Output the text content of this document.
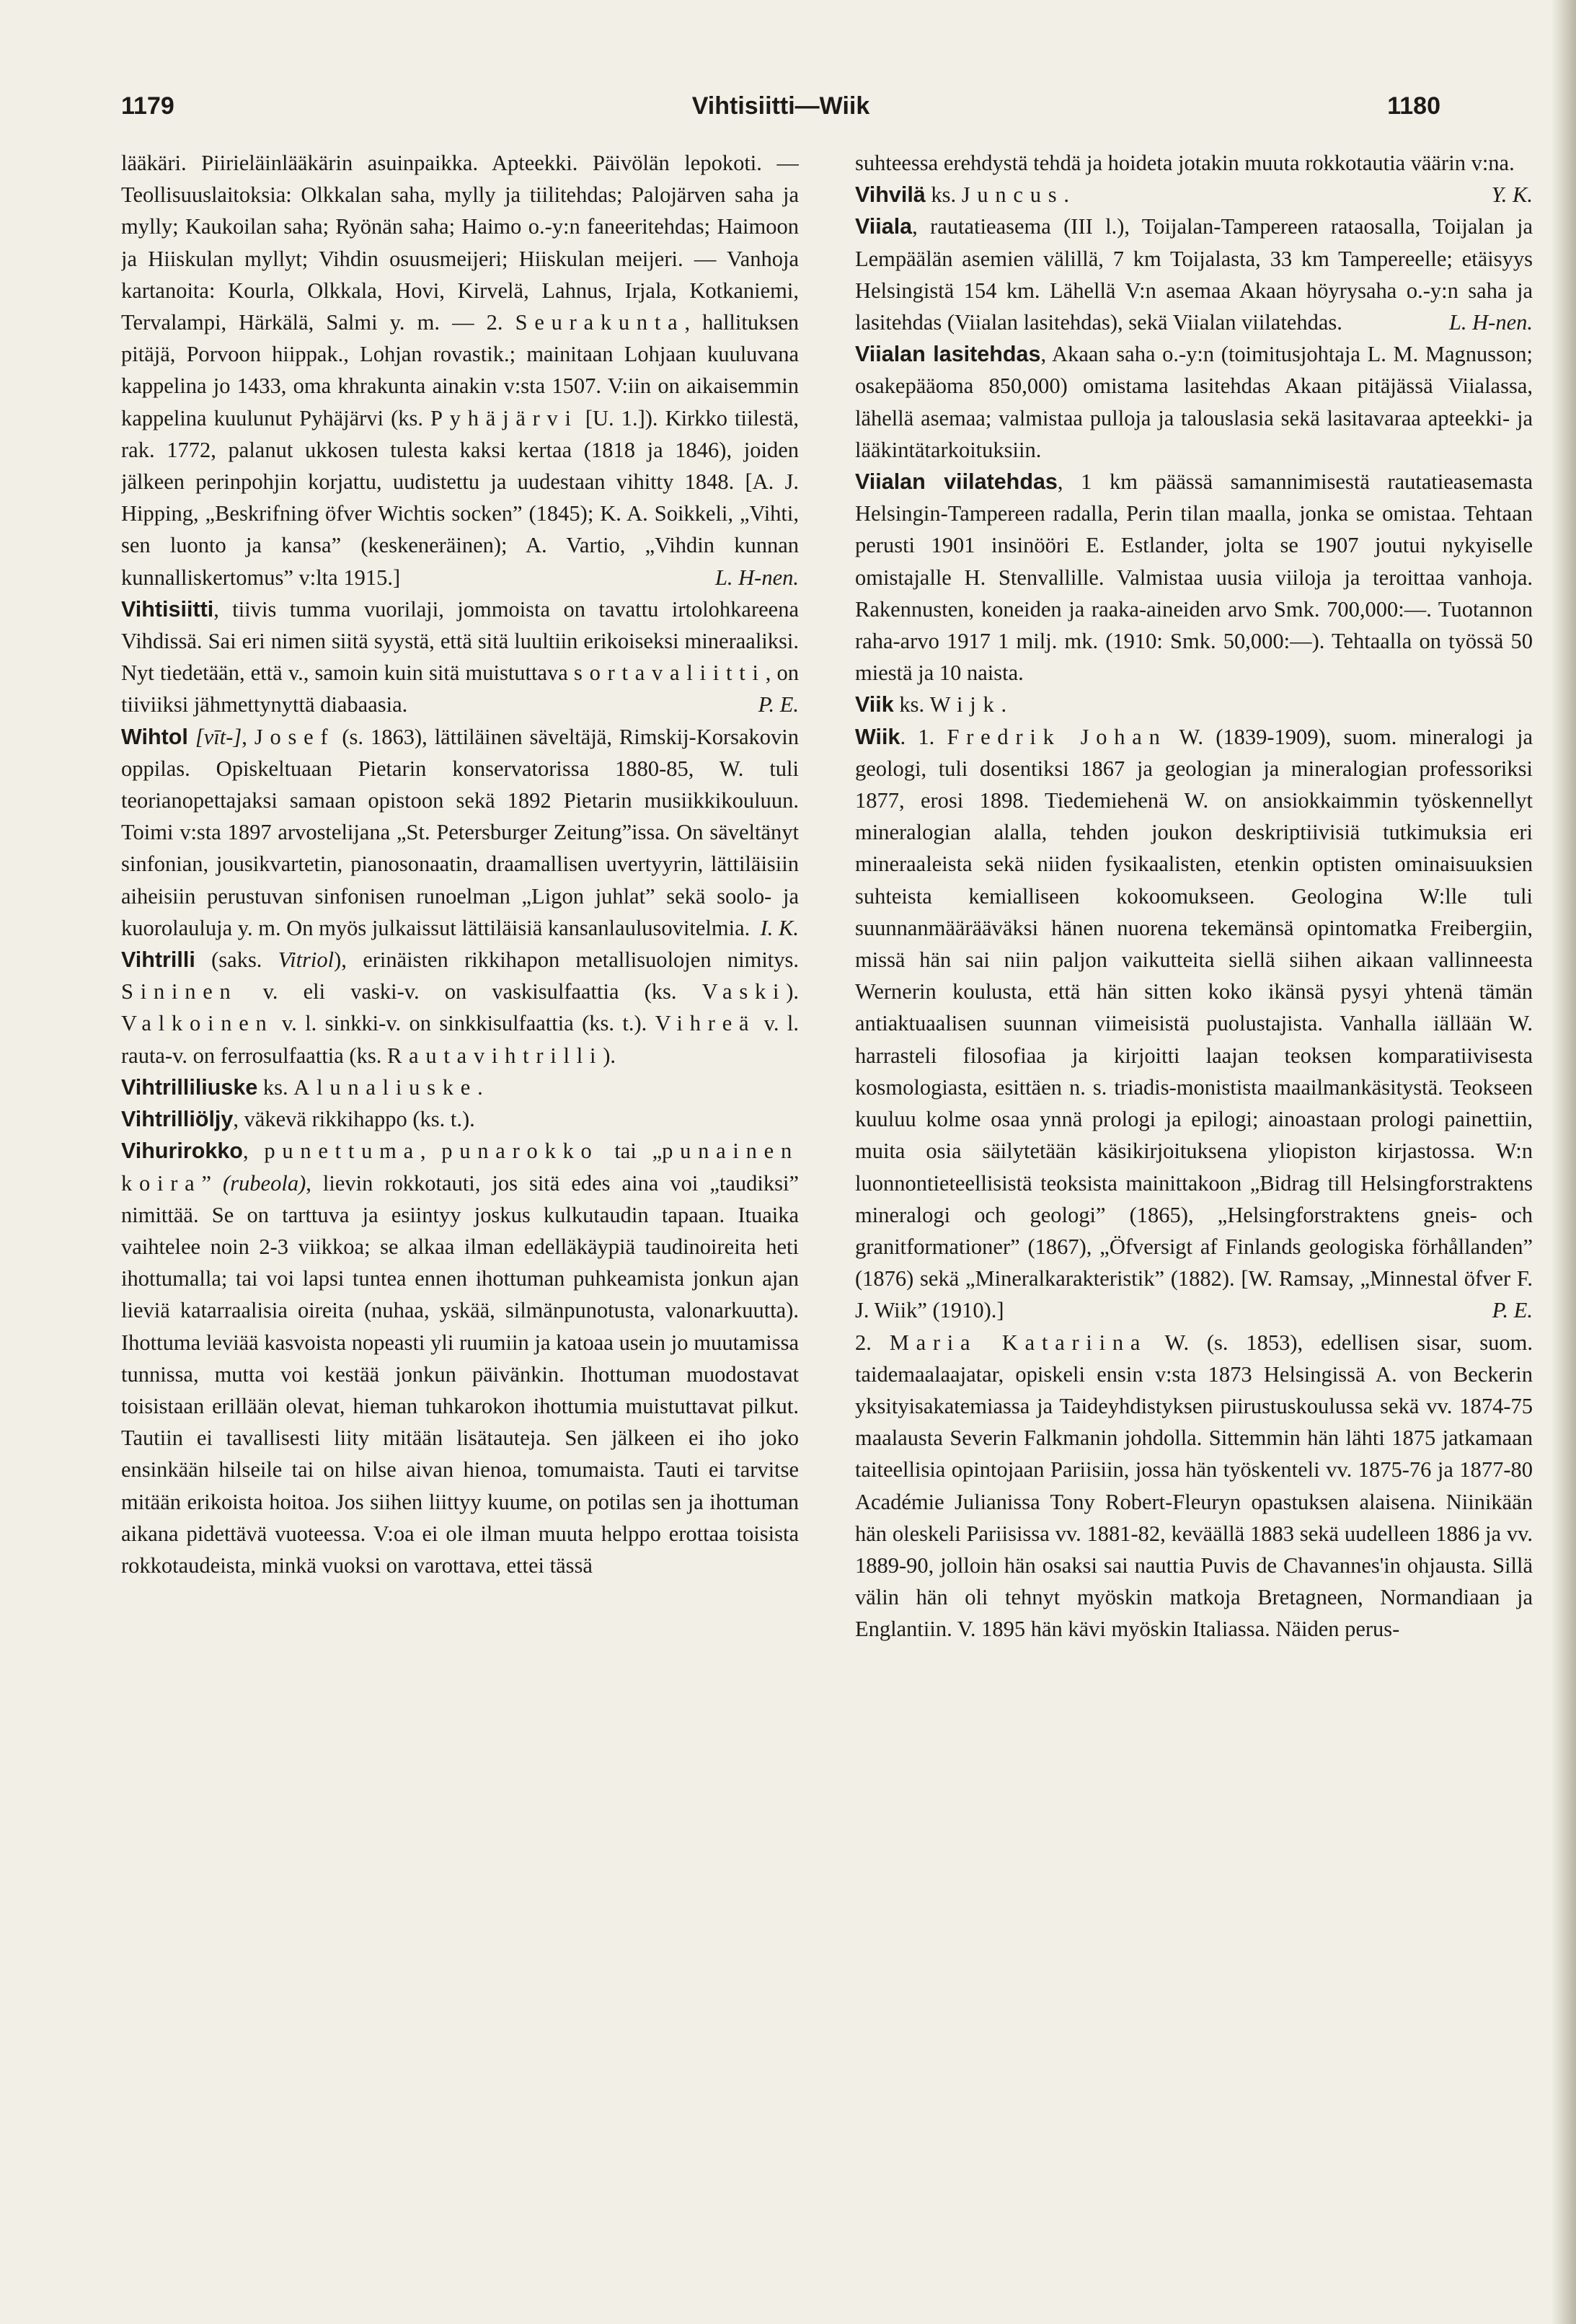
1179	Vihtisiitti—Wiik	1180

lääkäri. Piirieläinlääkärin asuinpaikka. Apteekki. Päivölän lepokoti. — Teollisuuslaitoksia: Olkkalan saha, mylly ja tiilitehdas; Palojärven saha ja mylly; Kaukoilan saha; Ryönän saha; Haimo o.-y:n faneeritehdas; Haimoon ja Hiiskulan myllyt; Vihdin osuusmeijeri; Hiiskulan meijeri. — Vanhoja kartanoita: Kourla, Olkkala, Hovi, Kirvelä, Lahnus, Irjala, Kotkaniemi, Tervalampi, Härkälä, Salmi y. m. — 2. Seurakunta, hallituksen pitäjä, Porvoon hiippak., Lohjan rovastik.; mainitaan Lohjaan kuuluvana kappelina jo 1433, oma khrakunta ainakin v:sta 1507. V:iin on aikaisemmin kappelina kuulunut Pyhäjärvi (ks. Pyhäjärvi [U. 1.]). Kirkko tiilestä, rak. 1772, palanut ukkosen tulesta kaksi kertaa (1818 ja 1846), joiden jälkeen perinpohjin korjattu, uudistettu ja uudestaan vihitty 1848. [A. J. Hipping, „Beskrifning öfver Wichtis socken” (1845); K. A. Soikkeli, „Vihti, sen luonto ja kansa” (keskeneräinen); A. Vartio, „Vihdin kunnan kunnalliskertomus” v:lta 1915.]	L. H-nen.

Vihtisiitti, tiivis tumma vuorilaji, jommoista on tavattu irtolohkareena Vihdissä. Sai eri nimen siitä syystä, että sitä luultiin erikoiseksi mineraaliksi. Nyt tiedetään, että v., samoin kuin sitä muistuttava sortavaliitti, on tiiviiksi jähmettynyttä diabaasia.	P. E.

Wihtol [vīt-], Josef (s. 1863), lättiläinen säveltäjä, Rimskij-Korsakovin oppilas. Opiskeltuaan Pietarin konservatorissa 1880-85, W. tuli teorianopettajaksi samaan opistoon sekä 1892 Pietarin musiikkikouluun. Toimi v:sta 1897 arvostelijana „St. Petersburger Zeitung”issa. On säveltänyt sinfonian, jousikvartetin, pianosonaatin, draamallisen uvertyyrin, lättiläisiin aiheisiin perustuvan sinfonisen runoelman „Ligon juhlat” sekä soolo- ja kuorolauluja y. m. On myös julkaissut lättiläisiä kansanlaulusovitelmia. I. K.

Vihtrilli (saks. Vitriol), erinäisten rikkihapon metallisuolojen nimitys. Sininen v. eli vaski-v. on vaskisulfaattia (ks. Vaski). Valkoinen v. l. sinkki-v. on sinkkisulfaattia (ks. t.). Vihreä v. l. rauta-v. on ferrosulfaattia (ks. Rautavihtrilli).

Vihtrilliliuske ks. Alunaliuske.

Vihtrilliöljy, väkevä rikkihappo (ks. t.).

Vihurirokko, punettuma, punarokko tai „punainen koira” (rubeola), lievin rokkotauti, jos sitä edes aina voi „taudiksi” nimittää. Se on tarttuva ja esiintyy joskus kulkutaudin tapaan. Ituaika vaihtelee noin 2-3 viikkoa; se alkaa ilman edelläkäypiä taudinoireita heti ihottumalla; tai voi lapsi tuntea ennen ihottuman puhkeamista jonkun ajan lieviä katarraalisia oireita (nuhaa, yskää, silmänpunotusta, valonarkuutta). Ihottuma leviää kasvoista nopeasti yli ruumiin ja katoaa usein jo muutamissa tunnissa, mutta voi kestää jonkun päivänkin. Ihottuman muodostavat toisistaan erillään olevat, hieman tuhkarokon ihottumia muistuttavat pilkut. Tautiin ei tavallisesti liity mitään lisätauteja. Sen jälkeen ei iho joko ensinkään hilseile tai on hilse aivan hienoa, tomumaista. Tauti ei tarvitse mitään erikoista hoitoa. Jos siihen liittyy kuume, on potilas sen ja ihottuman aikana pidettävä vuoteessa. V:oa ei ole ilman muuta helppo erottaa toisista rokkotaudeista, minkä vuoksi on varottava, ettei tässä

suhteessa erehdystä tehdä ja hoideta jotakin muuta rokkotautia väärin v:na.
Y. K.

Vihvilä ks. Juncus.

Viiala, rautatieasema (III l.), Toijalan-Tampereen rataosalla, Toijalan ja Lempäälän asemien välillä, 7 km Toijalasta, 33 km Tampereelle; etäisyys Helsingistä 154 km. Lähellä V:n asemaa Akaan höyrysaha o.-y:n saha ja lasitehdas (Viialan lasitehdas), sekä Viialan viilatehdas.	L. H-nen.

Viialan lasitehdas, Akaan saha o.-y:n (toimitusjohtaja L. M. Magnusson; osakepääoma 850,000) omistama lasitehdas Akaan pitäjässä Viialassa, lähellä asemaa; valmistaa pulloja ja talouslasia sekä lasitavaraa apteekki- ja lääkintätarkoituksiin.

Viialan viilatehdas, 1 km päässä samannimisestä rautatieasemasta Helsingin-Tampereen radalla, Perin tilan maalla, jonka se omistaa. Tehtaan perusti 1901 insinööri E. Estlander, jolta se 1907 joutui nykyiselle omistajalle H. Stenvallille. Valmistaa uusia viiloja ja teroittaa vanhoja. Rakennusten, koneiden ja raaka-aineiden arvo Smk. 700,000:—. Tuotannon raha-arvo 1917 1 milj. mk. (1910: Smk. 50,000:—). Tehtaalla on työssä 50 miestä ja 10 naista.

Viik ks. Wijk.

Wiik. 1. Fredrik Johan W. (1839-1909), suom. mineralogi ja geologi, tuli dosentiksi 1867 ja geologian ja mineralogian professoriksi 1877, erosi 1898. Tiedemiehenä W. on ansiokkaimmin työskennellyt mineralogian alalla, tehden joukon deskriptiivisiä tutkimuksia eri mineraaleista sekä niiden fysikaalisten, etenkin optisten ominaisuuksien suhteista kemialliseen kokoomukseen. Geologina W:lle tuli suunnanmäärääväksi hänen nuorena tekemänsä opintomatka Freibergiin, missä hän sai niin paljon vaikutteita siellä siihen aikaan vallinneesta Wernerin koulusta, että hän sitten koko ikänsä pysyi yhtenä tämän antiaktuaalisen suunnan viimeisistä puolustajista. Vanhalla iällään W. harrasteli filosofiaa ja kirjoitti laajan teoksen komparatiivisesta kosmologiasta, esittäen n. s. triadis-monistista maailmankäsitystä. Teokseen kuuluu kolme osaa ynnä prologi ja epilogi; ainoastaan prologi painettiin, muita osia säilytetään käsikirjoituksena yliopiston kirjastossa. W:n luonnontieteellisistä teoksista mainittakoon „Bidrag till Helsingforstraktens mineralogi och geologi” (1865), „Helsingforstraktens gneis- och granitformationer” (1867), „Öfversigt af Finlands geologiska förhållanden” (1876) sekä „Mineralkarakteristik” (1882). [W. Ramsay, „Minnestal öfver F. J. Wiik” (1910).]	P. E.

2. Maria Katariina W. (s. 1853), edellisen sisar, suom. taidemaalaajatar, opiskeli ensin v:sta 1873 Helsingissä A. von Beckerin yksityisakatemiassa ja Taideyhdistyksen piirustuskoulussa sekä vv. 1874-75 maalausta Severin Falkmanin johdolla. Sittemmin hän lähti 1875 jatkamaan taiteellisia opintojaan Pariisiin, jossa hän työskenteli vv. 1875-76 ja 1877-80 Académie Julianissa Tony Robert-Fleuryn opastuksen alaisena. Niinikään hän oleskeli Pariisissa vv. 1881-82, keväällä 1883 sekä uudelleen 1886 ja vv. 1889-90, jolloin hän osaksi sai nauttia Puvis de Chavannes'in ohjausta. Sillä välin hän oli tehnyt myöskin matkoja Bretagneen, Normandiaan ja Englantiin. V. 1895 hän kävi myöskin Italiassa. Näiden perus-
